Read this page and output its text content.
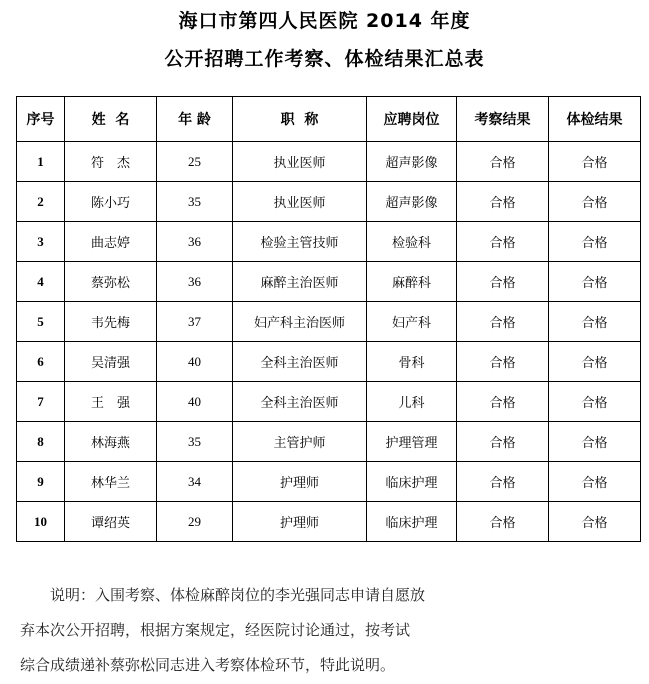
海口市第四人民医院 2014 年度
公开招聘工作考察、体检结果汇总表
序号	姓  名	年 龄	职  称	应聘岗位	考察结果	体检结果
1	符　杰	25	执业医师	超声影像	合格	合格
2	陈小巧	35	执业医师	超声影像	合格	合格
3	曲志婷	36	检验主管技师	检验科	合格	合格
4	蔡弥松	36	麻醉主治医师	麻醉科	合格	合格
5	韦先梅	37	妇产科主治医师	妇产科	合格	合格
6	吴清强	40	全科主治医师	骨科	合格	合格
7	王　强	40	全科主治医师	儿科	合格	合格
8	林海燕	35	主管护师	护理管理	合格	合格
9	林华兰	34	护理师	临床护理	合格	合格
10	谭绍英	29	护理师	临床护理	合格	合格

说明：入围考察、体检麻醉岗位的李光强同志申请自愿放

弃本次公开招聘，根据方案规定，经医院讨论通过，按考试

综合成绩递补蔡弥松同志进入考察体检环节，特此说明。
